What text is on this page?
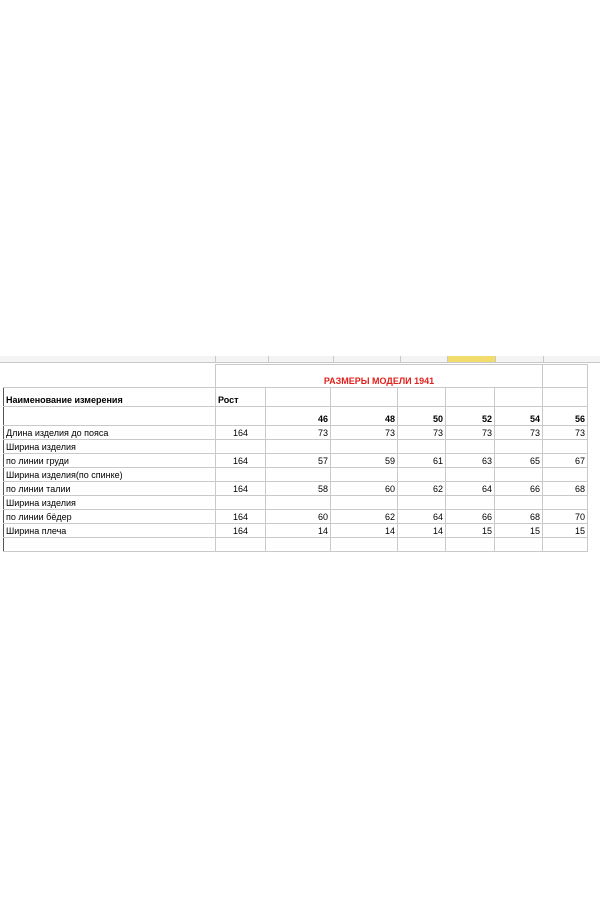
	РАЗМЕРЫ МОДЕЛИ 1941						
Наименование измерения	Рост						
		46	48	50	52	54	56
Длина изделия до пояса	164	73	73	73	73	73	73
Ширина изделия							
по линии груди	164	57	59	61	63	65	67
Ширина изделия(по спинке)							
по линии талии	164	58	60	62	64	66	68
Ширина изделия							
по линии бёдер	164	60	62	64	66	68	70
Ширина плеча	164	14	14	14	15	15	15
